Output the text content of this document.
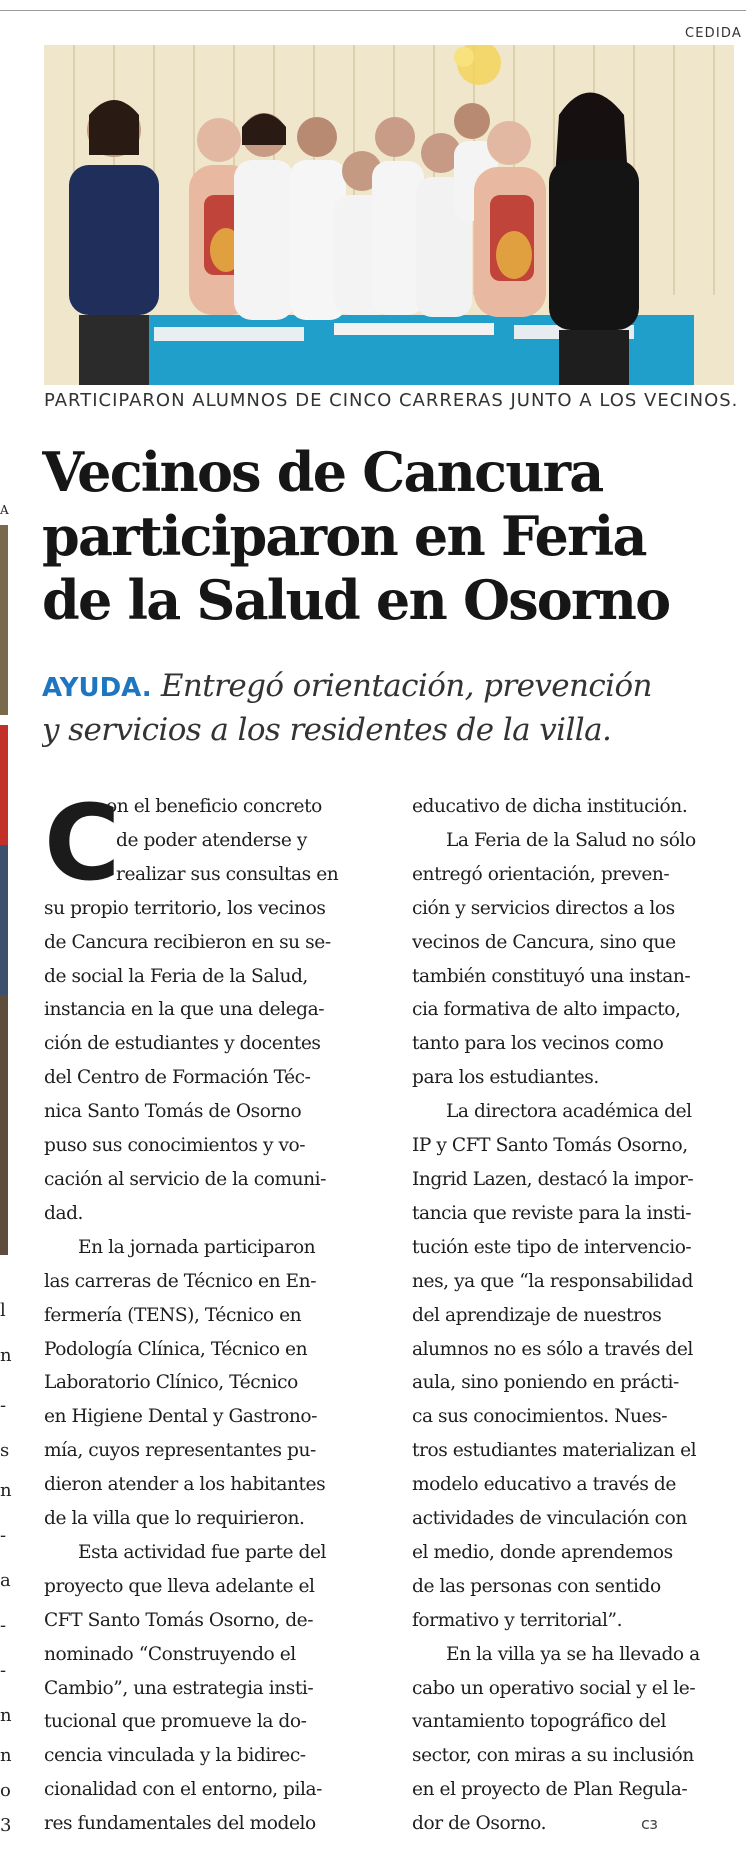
A
l
n
-
s
n
-
a
-
-
n
n
o
3
CEDIDA
PARTICIPARON ALUMNOS DE CINCO CARRERAS JUNTO A LOS VECINOS.
Vecinos de Cancura
participaron en Feria
de la Salud en Osorno
AYUDA. Entregó orientación, prevención
y servicios a los residentes de la villa.
C
on el beneficio concreto
de poder atenderse y
realizar sus consultas en
su propio territorio, los vecinos
de Cancura recibieron en su se-
de social la Feria de la Salud,
instancia en la que una delega-
ción de estudiantes y docentes
del Centro de Formación Téc-
nica Santo Tomás de Osorno
puso sus conocimientos y vo-
cación al servicio de la comuni-
dad.
En la jornada participaron
las carreras de Técnico en En-
fermería (TENS), Técnico en
Podología Clínica, Técnico en
Laboratorio Clínico, Técnico
en Higiene Dental y Gastrono-
mía, cuyos representantes pu-
dieron atender a los habitantes
de la villa que lo requirieron.
Esta actividad fue parte del
proyecto que lleva adelante el
CFT Santo Tomás Osorno, de-
nominado “Construyendo el
Cambio”, una estrategia insti-
tucional que promueve la do-
cencia vinculada y la bidirec-
cionalidad con el entorno, pila-
res fundamentales del modelo
educativo de dicha institución.
La Feria de la Salud no sólo
entregó orientación, preven-
ción y servicios directos a los
vecinos de Cancura, sino que
también constituyó una instan-
cia formativa de alto impacto,
tanto para los vecinos como
para los estudiantes.
La directora académica del
IP y CFT Santo Tomás Osorno,
Ingrid Lazen, destacó la impor-
tancia que reviste para la insti-
tución este tipo de intervencio-
nes, ya que “la responsabilidad
del aprendizaje de nuestros
alumnos no es sólo a través del
aula, sino poniendo en prácti-
ca sus conocimientos. Nues-
tros estudiantes materializan el
modelo educativo a través de
actividades de vinculación con
el medio, donde aprendemos
de las personas con sentido
formativo y territorial”.
En la villa ya se ha llevado a
cabo un operativo social y el le-
vantamiento topográfico del
sector, con miras a su inclusión
en el proyecto de Plan Regula-
dor de Osorno.	ᴄɜ
